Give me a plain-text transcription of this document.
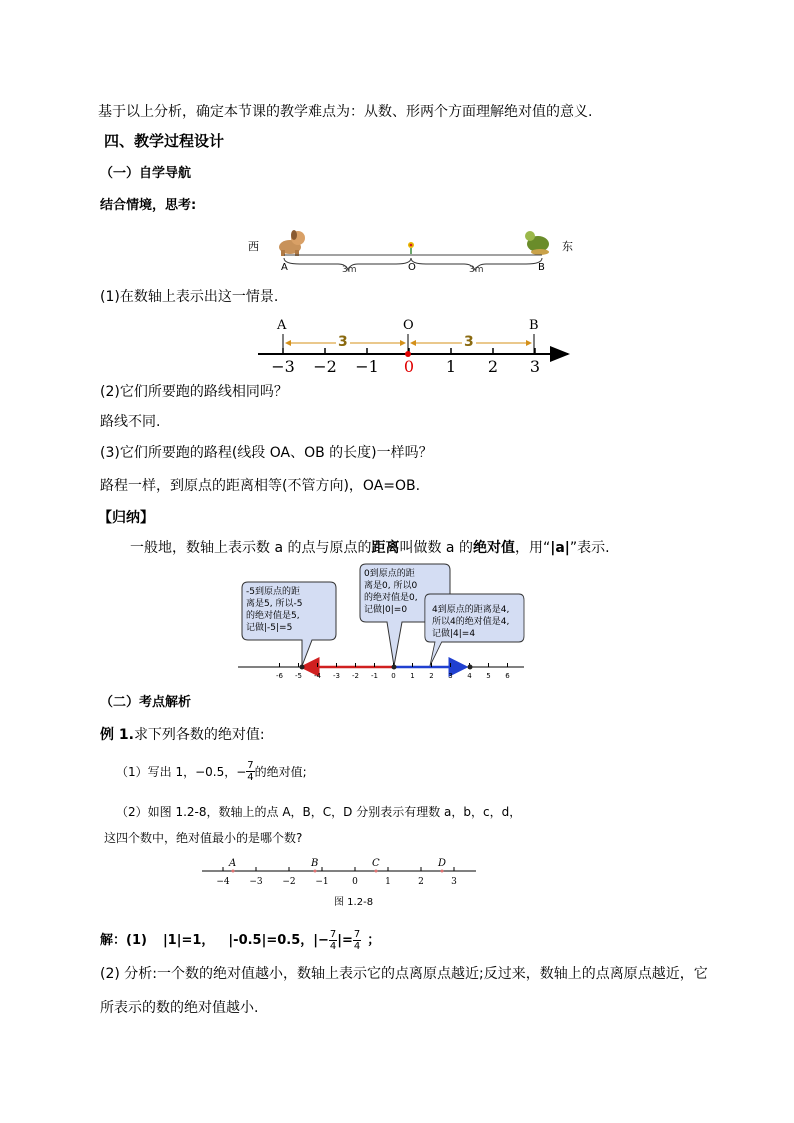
基于以上分析，确定本节课的教学难点为：从数、形两个方面理解绝对值的意义.
四、教学过程设计
（一）自学导航
结合情境，思考:
西	东
A	O	B
3m	3m
(1)在数轴上表示出这一情景.
−3 −2 −1 0 1 2 3
A	O	B
3	3
(2)它们所要跑的路线相同吗？
路线不同.
(3)它们所要跑的路程(线段 OA、OB 的长度)一样吗？
路程一样，到原点的距离相等(不管方向)，OA=OB.
【归纳】
一般地，数轴上表示数 a 的点与原点的距离叫做数 a 的绝对值，用“|a|”表示.
-5到原点的距
离是5, 所以-5
的绝对值是5,
记做|-5|=5
0到原点的距
离是0, 所以0
的绝对值是0,
记做|0|=0	4到原点的距离是4,
所以4的绝对值是4,
记做|4|=4
-6 -5 -4 -3 -2 -1 0 1 2 3 4 5 6
（二）考点解析
例 1.求下列各数的绝对值:
（1）写出 1，−0.5，− $\frac{7}{4}$ 的绝对值;
（2）如图 1.2-8，数轴上的点 A，B，C，D 分别表示有理数 a，b，c，d，
这四个数中，绝对值最小的是哪个数?
−4 −3 −2 −1	0	1	2	3
A	B	C	D
图 1.2-8
解：(1) |1|=1， |-0.5|=0.5， |− $\frac{7}{4}$ |= $\frac{7}{4}$ ；
(2) 分析:一个数的绝对值越小，数轴上表示它的点离原点越近;反过来，数轴上的点离原点越近，它
所表示的数的绝对值越小.
